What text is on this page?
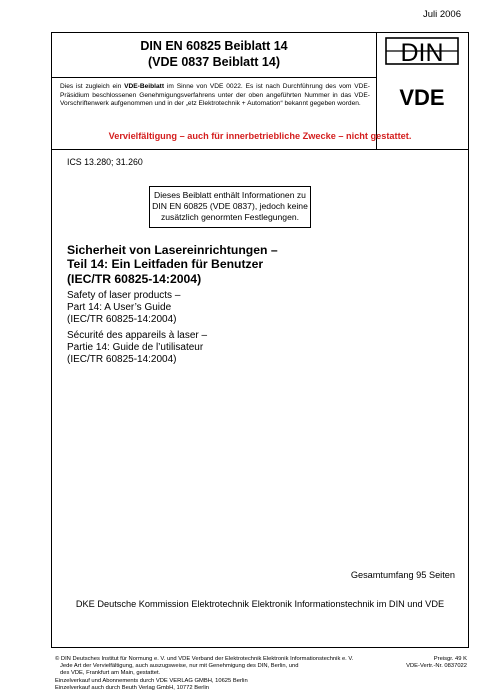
Juli 2006
DIN EN 60825 Beiblatt 14
(VDE 0837 Beiblatt 14)
Dies ist zugleich ein VDE-Beiblatt im Sinne von VDE 0022. Es ist nach Durchführung des vom VDE-Präsidium beschlossenen Genehmigungsverfahrens unter der oben angeführten Nummer in das VDE-Vorschriftenwerk aufgenommen und in der „etz Elektrotechnik + Automation“ bekannt gegeben worden.
DIN
VDE
Vervielfältigung – auch für innerbetriebliche Zwecke – nicht gestattet.
ICS 13.280; 31.260
Dieses Beiblatt enthält Informationen zu DIN EN 60825 (VDE 0837), jedoch keine zusätzlich genormten Festlegungen.
Sicherheit von Lasereinrichtungen –
Teil 14: Ein Leitfaden für Benutzer
(IEC/TR 60825-14:2004)
Safety of laser products –
Part 14: A User’s Guide
(IEC/TR 60825-14:2004)
Sécurité des appareils à laser –
Partie 14: Guide de l’utilisateur
(IEC/TR 60825-14:2004)
Gesamtumfang 95 Seiten
DKE Deutsche Kommission Elektrotechnik Elektronik Informationstechnik im DIN und VDE
© DIN Deutsches Institut für Normung e. V. und VDE Verband der Elektrotechnik Elektronik Informationstechnik e. V.
Jede Art der Vervielfältigung, auch auszugsweise, nur mit Genehmigung des DIN, Berlin, und
des VDE, Frankfurt am Main, gestattet.
Einzelverkauf und Abonnements durch VDE VERLAG GMBH, 10625 Berlin
Einzelverkauf auch durch Beuth Verlag GmbH, 10772 Berlin
Preisgr. 49 K
VDE-Vertr.-Nr. 0837022
